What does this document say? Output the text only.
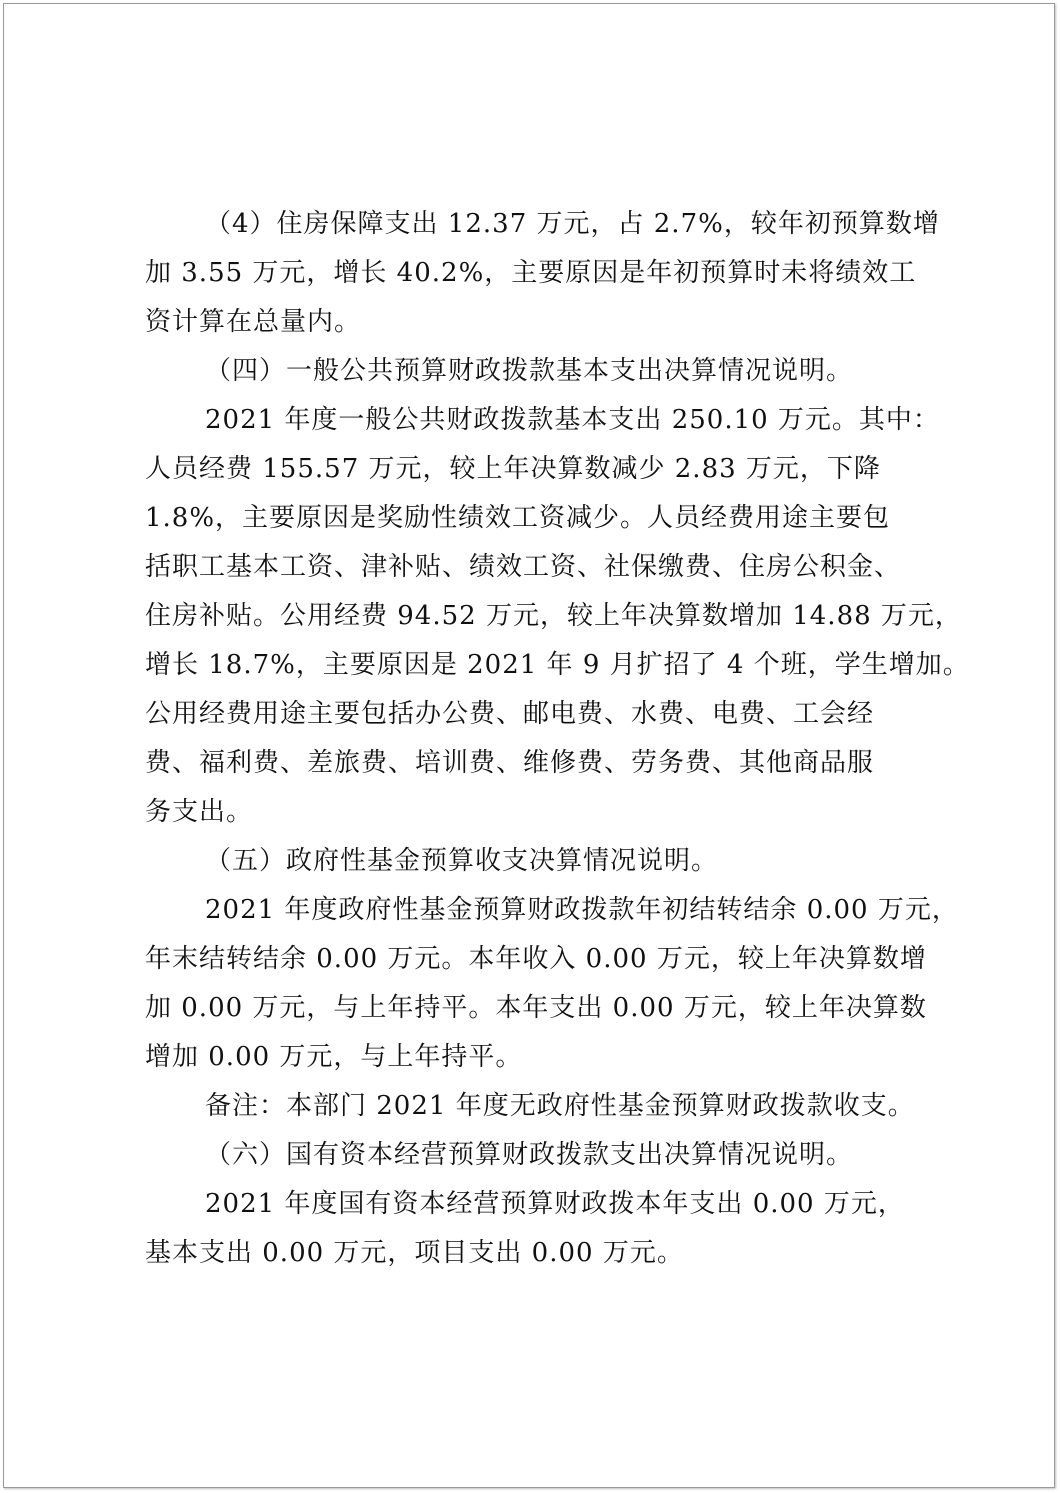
（4）住房保障支出 12.37 万元，占 2.7%，较年初预算数增
加 3.55 万元，增长 40.2%，主要原因是年初预算时未将绩效工
资计算在总量内。
（四）一般公共预算财政拨款基本支出决算情况说明。
2021 年度一般公共财政拨款基本支出 250.10 万元。其中：
人员经费 155.57 万元，较上年决算数减少 2.83 万元，下降
1.8%，主要原因是奖励性绩效工资减少。人员经费用途主要包
括职工基本工资、津补贴、绩效工资、社保缴费、住房公积金、
住房补贴。公用经费 94.52 万元，较上年决算数增加 14.88 万元，
增长 18.7%，主要原因是 2021 年 9 月扩招了 4 个班，学生增加。
公用经费用途主要包括办公费、邮电费、水费、电费、工会经
费、福利费、差旅费、培训费、维修费、劳务费、其他商品服
务支出。
（五）政府性基金预算收支决算情况说明。
2021 年度政府性基金预算财政拨款年初结转结余 0.00 万元，
年末结转结余 0.00 万元。本年收入 0.00 万元，较上年决算数增
加 0.00 万元，与上年持平。本年支出 0.00 万元，较上年决算数
增加 0.00 万元，与上年持平。
备注：本部门 2021 年度无政府性基金预算财政拨款收支。
（六）国有资本经营预算财政拨款支出决算情况说明。
2021 年度国有资本经营预算财政拨本年支出 0.00 万元，
基本支出 0.00 万元，项目支出 0.00 万元。
